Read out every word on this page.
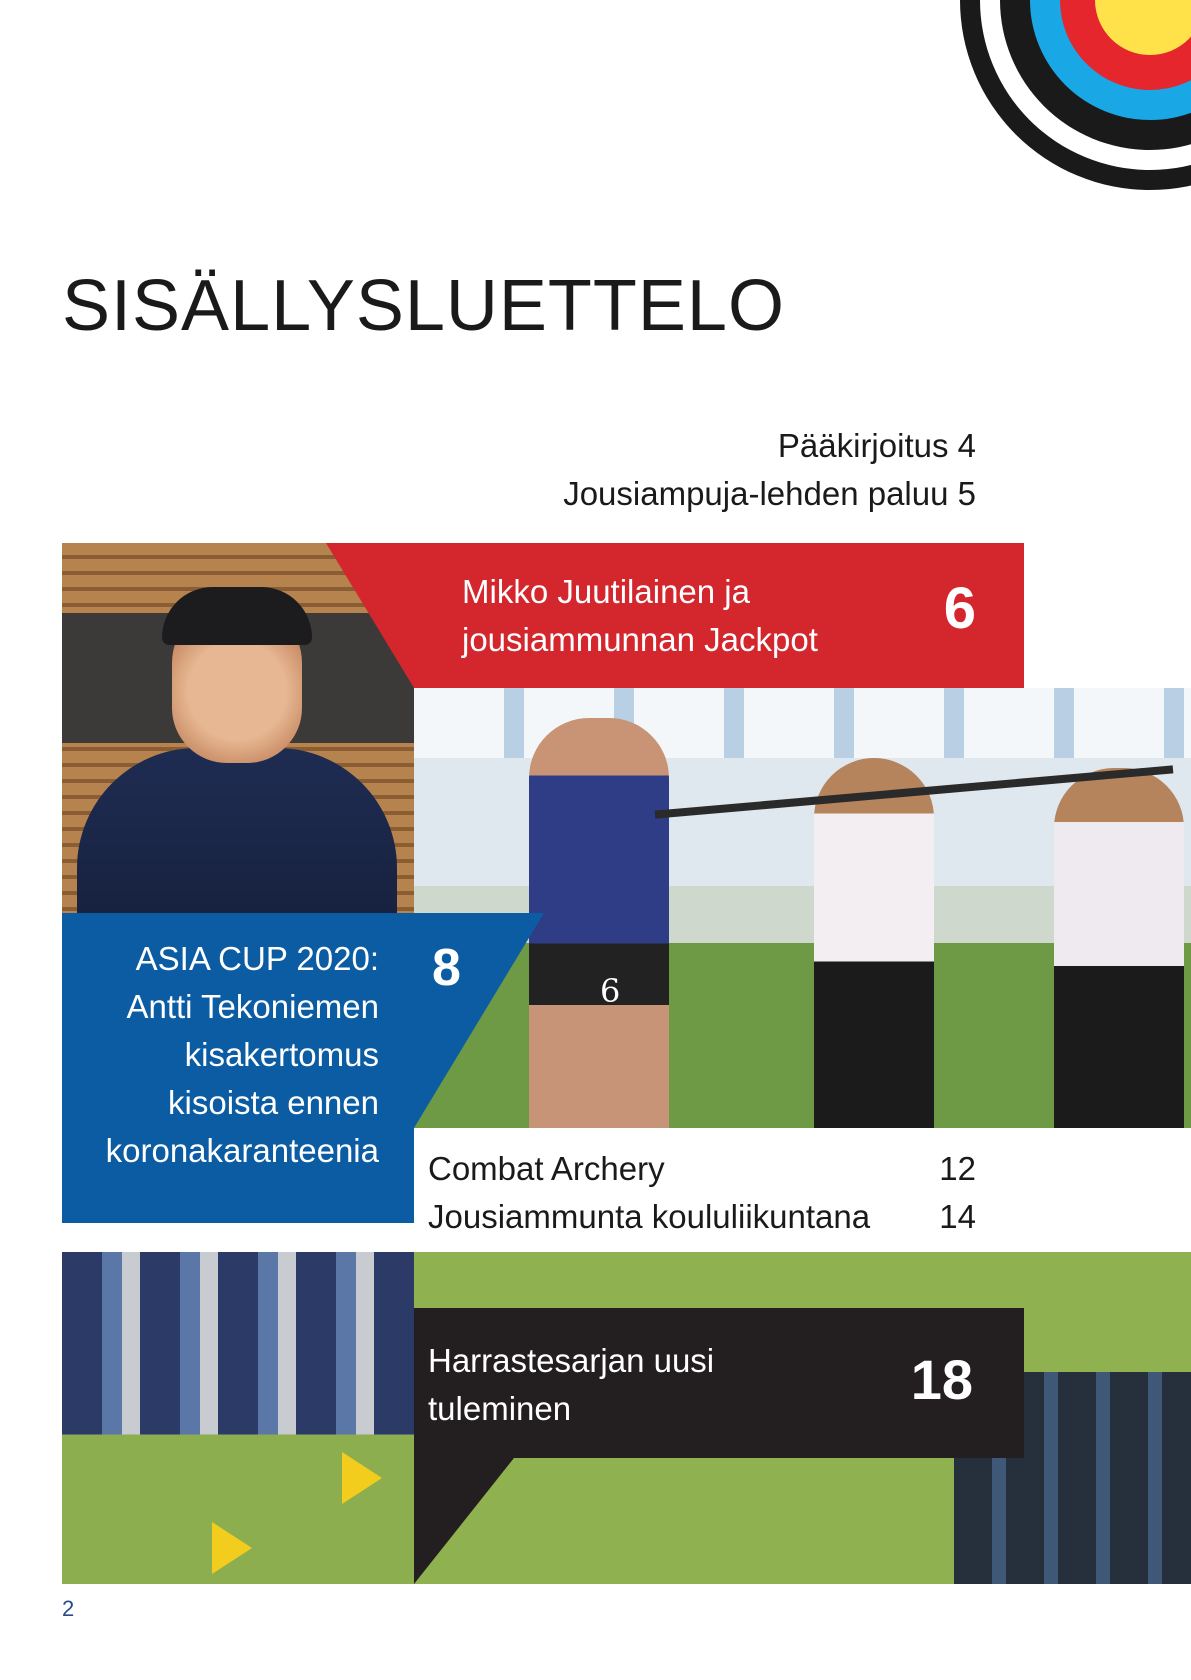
SISÄLLYSLUETTELO
Pääkirjoitus 4
Jousiampuja-lehden paluu 5
Mikko Juutilainen ja
jousiammunnan Jackpot 6
6
ASIA CUP 2020:
Antti Tekoniemen
kisakertomus
kisoista ennen
koronakaranteenia
8
Combat Archery	12
Jousiammunta koululiikuntana 14
Harrastesarjan uusi
tuleminen	18
2
